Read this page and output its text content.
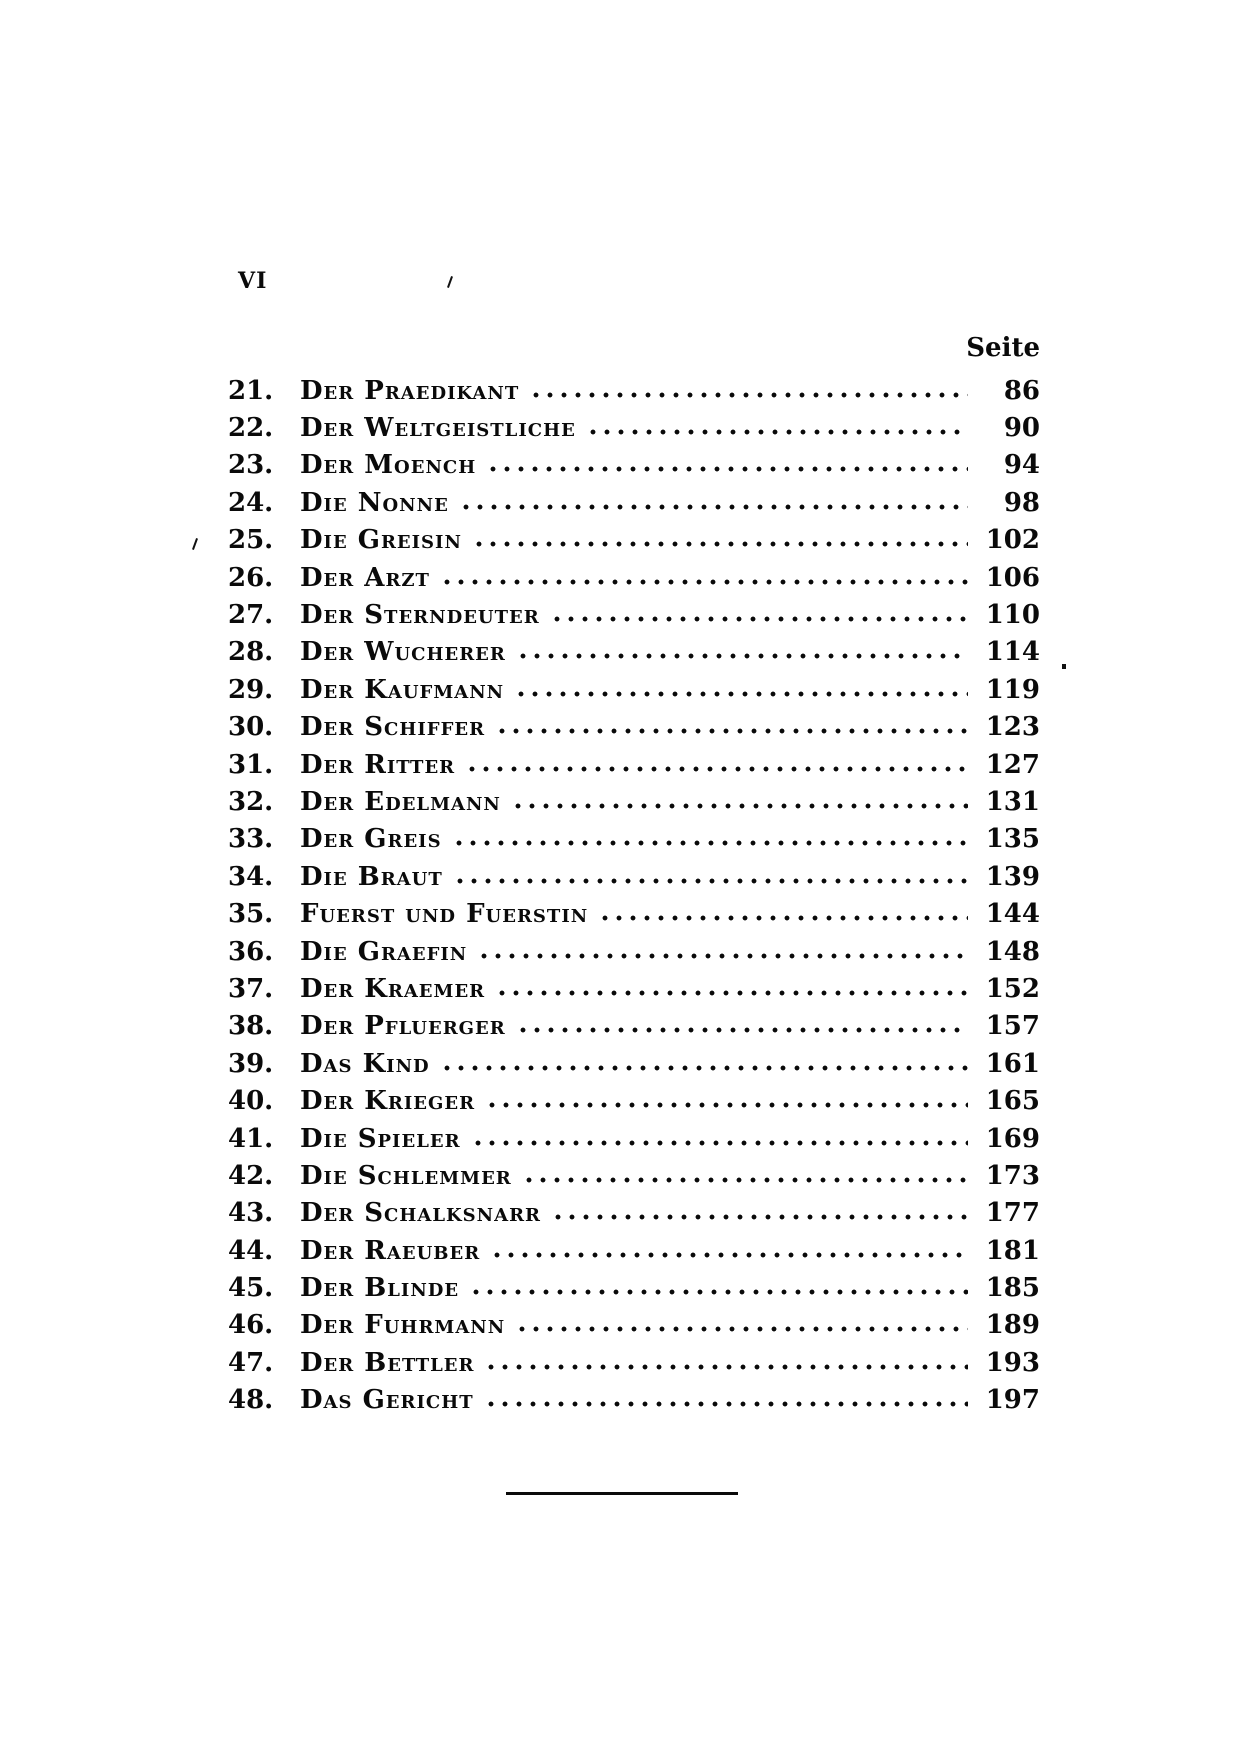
VI
Seite
21.	Der Praedikant	86
22.	Der Weltgeistliche	90
23.	Der Moench	94
24.	Die Nonne	98
25.	Die Greisin	102
26.	Der Arzt	106
27.	Der Sterndeuter	110
28.	Der Wucherer	114
29.	Der Kaufmann	119
30.	Der Schiffer	123
31.	Der Ritter	127
32.	Der Edelmann	131
33.	Der Greis	135
34.	Die Braut	139
35.	Fuerst und Fuerstin	144
36.	Die Graefin	148
37.	Der Kraemer	152
38.	Der Pfluerger	157
39.	Das Kind	161
40.	Der Krieger	165
41.	Die Spieler	169
42.	Die Schlemmer	173
43.	Der Schalksnarr	177
44.	Der Raeuber	181
45.	Der Blinde	185
46.	Der Fuhrmann	189
47.	Der Bettler	193
48.	Das Gericht	197
